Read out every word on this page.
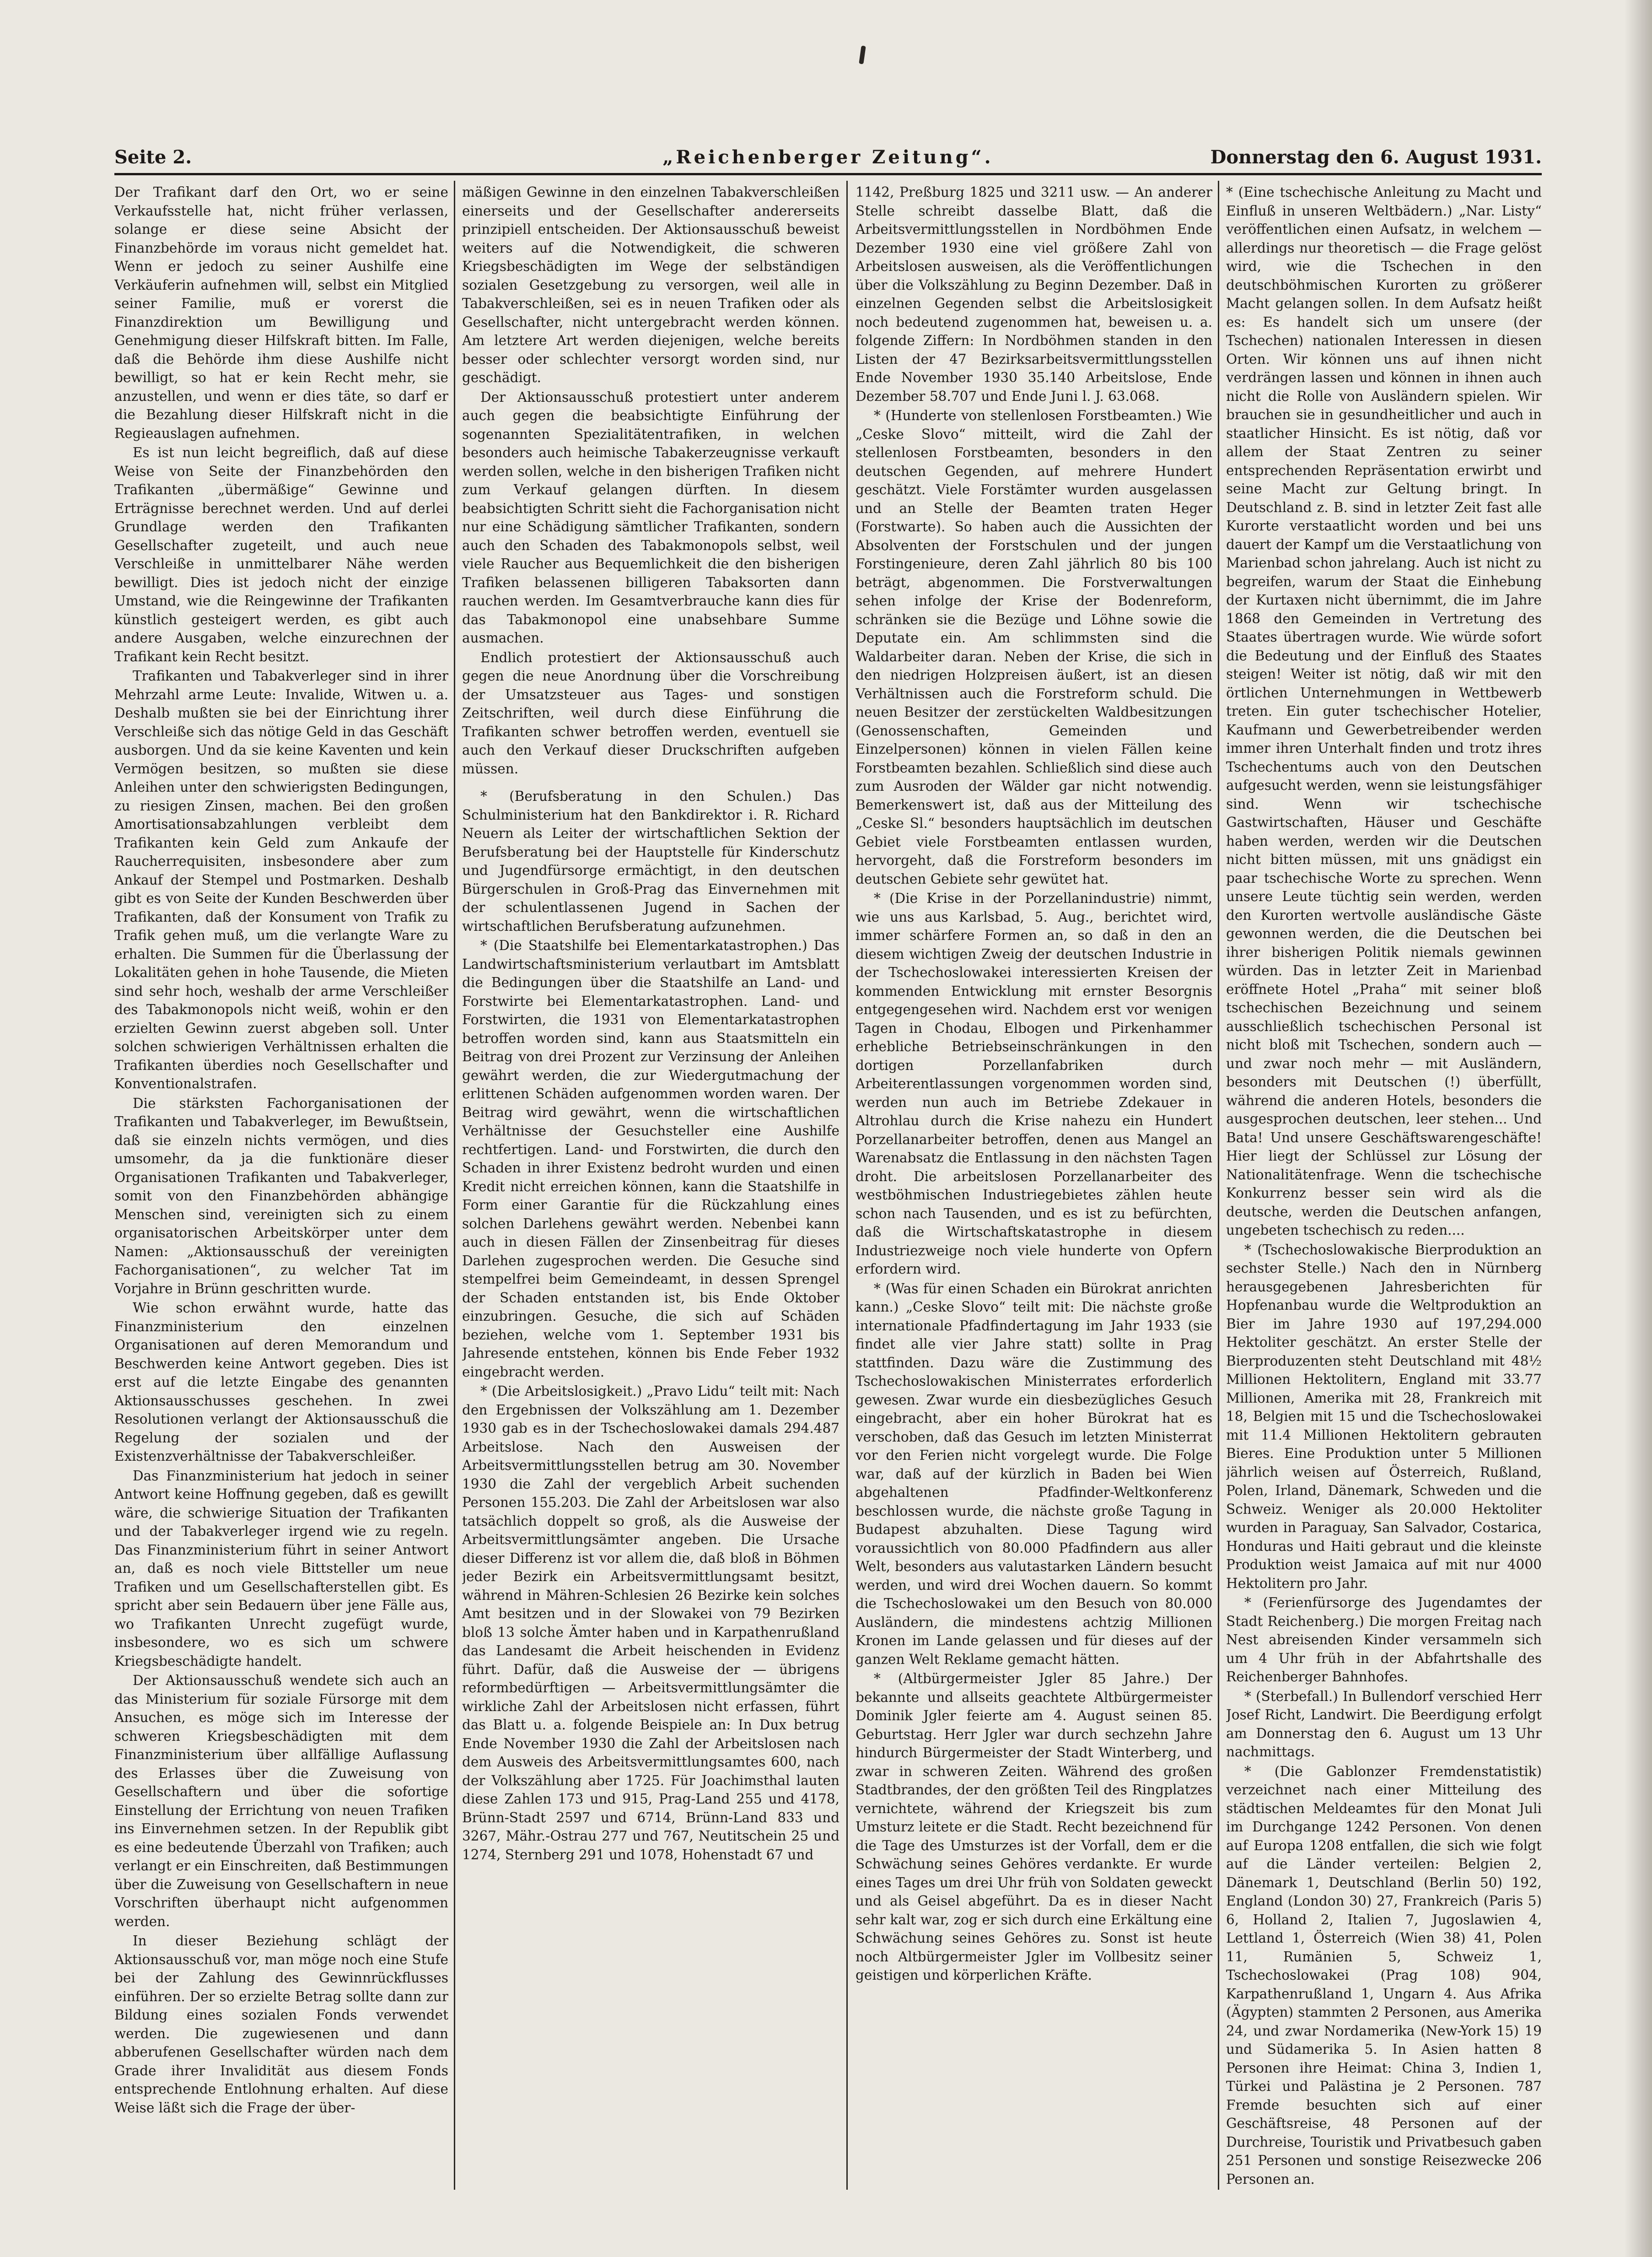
Seite 2.	„Reichenberger Zeitung“.	Donnerstag den 6. August 1931.

Der Trafikant darf den Ort, wo er seine Verkaufsstelle hat, nicht früher verlassen, solange er diese seine Absicht der Finanzbehörde im voraus nicht gemeldet hat. Wenn er jedoch zu seiner Aushilfe eine Verkäuferin aufnehmen will, selbst ein Mitglied seiner Familie, muß er vorerst die Finanzdirektion um Bewilligung und Genehmigung dieser Hilfskraft bitten. Im Falle, daß die Behörde ihm diese Aushilfe nicht bewilligt, so hat er kein Recht mehr, sie anzustellen, und wenn er dies täte, so darf er die Bezahlung dieser Hilfskraft nicht in die Regieauslagen aufnehmen.

Es ist nun leicht begreiflich, daß auf diese Weise von Seite der Finanzbehörden den Trafikanten „übermäßige“ Gewinne und Erträgnisse berechnet werden. Und auf derlei Grundlage werden den Trafikanten Gesellschafter zugeteilt, und auch neue Verschleiße in unmittelbarer Nähe werden bewilligt. Dies ist jedoch nicht der einzige Umstand, wie die Reingewinne der Trafikanten künstlich gesteigert werden, es gibt auch andere Ausgaben, welche einzurechnen der Trafikant kein Recht besitzt.

Trafikanten und Tabakverleger sind in ihrer Mehrzahl arme Leute: Invalide, Witwen u. a. Deshalb mußten sie bei der Einrichtung ihrer Verschleiße sich das nötige Geld in das Geschäft ausborgen. Und da sie keine Kaventen und kein Vermögen besitzen, so mußten sie diese Anleihen unter den schwierigsten Bedingungen, zu riesigen Zinsen, machen. Bei den großen Amortisationsabzahlungen verbleibt dem Trafikanten kein Geld zum Ankaufe der Raucherrequisiten, insbesondere aber zum Ankauf der Stempel und Postmarken. Deshalb gibt es von Seite der Kunden Beschwerden über Trafikanten, daß der Konsument von Trafik zu Trafik gehen muß, um die verlangte Ware zu erhalten. Die Summen für die Überlassung der Lokalitäten gehen in hohe Tausende, die Mieten sind sehr hoch, weshalb der arme Verschleißer des Tabakmonopols nicht weiß, wohin er den erzielten Gewinn zuerst abgeben soll. Unter solchen schwierigen Verhältnissen erhalten die Trafikanten überdies noch Gesellschafter und Konventionalstrafen.

Die stärksten Fachorganisationen der Trafikanten und Tabakverleger, im Bewußtsein, daß sie einzeln nichts vermögen, und dies umsomehr, da ja die funktionäre dieser Organisationen Trafikanten und Tabakverleger, somit von den Finanzbehörden abhängige Menschen sind, vereinigten sich zu einem organisatorischen Arbeitskörper unter dem Namen: „Aktionsausschuß der vereinigten Fachorganisationen“, zu welcher Tat im Vorjahre in Brünn geschritten wurde.

Wie schon erwähnt wurde, hatte das Finanzministerium den einzelnen Organisationen auf deren Memorandum und Beschwerden keine Antwort gegeben. Dies ist erst auf die letzte Eingabe des genannten Aktionsausschusses geschehen. In zwei Resolutionen verlangt der Aktionsausschuß die Regelung der sozialen und der Existenzverhältnisse der Tabakverschleißer.

Das Finanzministerium hat jedoch in seiner Antwort keine Hoffnung gegeben, daß es gewillt wäre, die schwierige Situation der Trafikanten und der Tabakverleger irgend wie zu regeln. Das Finanzministerium führt in seiner Antwort an, daß es noch viele Bittsteller um neue Trafiken und um Gesellschafterstellen gibt. Es spricht aber sein Bedauern über jene Fälle aus, wo Trafikanten Unrecht zugefügt wurde, insbesondere, wo es sich um schwere Kriegsbeschädigte handelt.

Der Aktionsausschuß wendete sich auch an das Ministerium für soziale Fürsorge mit dem Ansuchen, es möge sich im Interesse der schweren Kriegsbeschädigten mit dem Finanzministerium über allfällige Auflassung des Erlasses über die Zuweisung von Gesellschaftern und über die sofortige Einstellung der Errichtung von neuen Trafiken ins Einvernehmen setzen. In der Republik gibt es eine bedeutende Überzahl von Trafiken; auch verlangt er ein Einschreiten, daß Bestimmungen über die Zuweisung von Gesellschaftern in neue Vorschriften überhaupt nicht aufgenommen werden.

In dieser Beziehung schlägt der Aktionsausschuß vor, man möge noch eine Stufe bei der Zahlung des Gewinnrückflusses einführen. Der so erzielte Betrag sollte dann zur Bildung eines sozialen Fonds verwendet werden. Die zugewiesenen und dann abberufenen Gesellschafter würden nach dem Grade ihrer Invalidität aus diesem Fonds entsprechende Entlohnung erhalten. Auf diese Weise läßt sich die Frage der über-

mäßigen Gewinne in den einzelnen Tabakverschleißen einerseits und der Gesellschafter andererseits prinzipiell entscheiden. Der Aktionsausschuß beweist weiters auf die Notwendigkeit, die schweren Kriegsbeschädigten im Wege der selbständigen sozialen Gesetzgebung zu versorgen, weil alle in Tabakverschleißen, sei es in neuen Trafiken oder als Gesellschafter, nicht untergebracht werden können. Am letztere Art werden diejenigen, welche bereits besser oder schlechter versorgt worden sind, nur geschädigt.

Der Aktionsausschuß protestiert unter anderem auch gegen die beabsichtigte Einführung der sogenannten Spezialitätentrafiken, in welchen besonders auch heimische Tabakerzeugnisse verkauft werden sollen, welche in den bisherigen Trafiken nicht zum Verkauf gelangen dürften. In diesem beabsichtigten Schritt sieht die Fachorganisation nicht nur eine Schädigung sämtlicher Trafikanten, sondern auch den Schaden des Tabakmonopols selbst, weil viele Raucher aus Bequemlichkeit die den bisherigen Trafiken belassenen billigeren Tabaksorten dann rauchen werden. Im Gesamtverbrauche kann dies für das Tabakmonopol eine unabsehbare Summe ausmachen.

Endlich protestiert der Aktionsausschuß auch gegen die neue Anordnung über die Vorschreibung der Umsatzsteuer aus Tages- und sonstigen Zeitschriften, weil durch diese Einführung die Trafikanten schwer betroffen werden, eventuell sie auch den Verkauf dieser Druckschriften aufgeben müssen.

* (Berufsberatung in den Schulen.) Das Schulministerium hat den Bankdirektor i. R. Richard Neuern als Leiter der wirtschaftlichen Sektion der Berufsberatung bei der Hauptstelle für Kinderschutz und Jugendfürsorge ermächtigt, in den deutschen Bürgerschulen in Groß-Prag das Einvernehmen mit der schulentlassenen Jugend in Sachen der wirtschaftlichen Berufsberatung aufzunehmen.

* (Die Staatshilfe bei Elementarkatastrophen.) Das Landwirtschaftsministerium verlautbart im Amtsblatt die Bedingungen über die Staatshilfe an Land- und Forstwirte bei Elementarkatastrophen. Land- und Forstwirten, die 1931 von Elementarkatastrophen betroffen worden sind, kann aus Staatsmitteln ein Beitrag von drei Prozent zur Verzinsung der Anleihen gewährt werden, die zur Wiedergutmachung der erlittenen Schäden aufgenommen worden waren. Der Beitrag wird gewährt, wenn die wirtschaftlichen Verhältnisse der Gesuchsteller eine Aushilfe rechtfertigen. Land- und Forstwirten, die durch den Schaden in ihrer Existenz bedroht wurden und einen Kredit nicht erreichen können, kann die Staatshilfe in Form einer Garantie für die Rückzahlung eines solchen Darlehens gewährt werden. Nebenbei kann auch in diesen Fällen der Zinsenbeitrag für dieses Darlehen zugesprochen werden. Die Gesuche sind stempelfrei beim Gemeindeamt, in dessen Sprengel der Schaden entstanden ist, bis Ende Oktober einzubringen. Gesuche, die sich auf Schäden beziehen, welche vom 1. September 1931 bis Jahresende entstehen, können bis Ende Feber 1932 eingebracht werden.

* (Die Arbeitslosigkeit.) „Pravo Lidu“ teilt mit: Nach den Ergebnissen der Volkszählung am 1. Dezember 1930 gab es in der Tschechoslowakei damals 294.487 Arbeitslose. Nach den Ausweisen der Arbeitsvermittlungsstellen betrug am 30. November 1930 die Zahl der vergeblich Arbeit suchenden Personen 155.203. Die Zahl der Arbeitslosen war also tatsächlich doppelt so groß, als die Ausweise der Arbeitsvermittlungsämter angeben. Die Ursache dieser Differenz ist vor allem die, daß bloß in Böhmen jeder Bezirk ein Arbeitsvermittlungsamt besitzt, während in Mähren-Schlesien 26 Bezirke kein solches Amt besitzen und in der Slowakei von 79 Bezirken bloß 13 solche Ämter haben und in Karpathenrußland das Landesamt die Arbeit heischenden in Evidenz führt. Dafür, daß die Ausweise der — übrigens reformbedürftigen — Arbeitsvermittlungsämter die wirkliche Zahl der Arbeitslosen nicht erfassen, führt das Blatt u. a. folgende Beispiele an: In Dux betrug Ende November 1930 die Zahl der Arbeitslosen nach dem Ausweis des Arbeitsvermittlungsamtes 600, nach der Volkszählung aber 1725. Für Joachimsthal lauten diese Zahlen 173 und 915, Prag-Land 255 und 4178, Brünn-Stadt 2597 und 6714, Brünn-Land 833 und 3267, Mähr.-Ostrau 277 und 767, Neutitschein 25 und 1274, Sternberg 291 und 1078, Hohenstadt 67 und

1142, Preßburg 1825 und 3211 usw. — An anderer Stelle schreibt dasselbe Blatt, daß die Arbeitsvermittlungsstellen in Nordböhmen Ende Dezember 1930 eine viel größere Zahl von Arbeitslosen ausweisen, als die Veröffentlichungen über die Volkszählung zu Beginn Dezember. Daß in einzelnen Gegenden selbst die Arbeitslosigkeit noch bedeutend zugenommen hat, beweisen u. a. folgende Ziffern: In Nordböhmen standen in den Listen der 47 Bezirksarbeitsvermittlungsstellen Ende November 1930 35.140 Arbeitslose, Ende Dezember 58.707 und Ende Juni l. J. 63.068.

* (Hunderte von stellenlosen Forstbeamten.) Wie „Ceske Slovo“ mitteilt, wird die Zahl der stellenlosen Forstbeamten, besonders in den deutschen Gegenden, auf mehrere Hundert geschätzt. Viele Forstämter wurden ausgelassen und an Stelle der Beamten traten Heger (Forstwarte). So haben auch die Aussichten der Absolventen der Forstschulen und der jungen Forstingenieure, deren Zahl jährlich 80 bis 100 beträgt, abgenommen. Die Forstverwaltungen sehen infolge der Krise der Bodenreform, schränken sie die Bezüge und Löhne sowie die Deputate ein. Am schlimmsten sind die Waldarbeiter daran. Neben der Krise, die sich in den niedrigen Holzpreisen äußert, ist an diesen Verhältnissen auch die Forstreform schuld. Die neuen Besitzer der zerstückelten Waldbesitzungen (Genossenschaften, Gemeinden und Einzelpersonen) können in vielen Fällen keine Forstbeamten bezahlen. Schließlich sind diese auch zum Ausroden der Wälder gar nicht notwendig. Bemerkenswert ist, daß aus der Mitteilung des „Ceske Sl.“ besonders hauptsächlich im deutschen Gebiet viele Forstbeamten entlassen wurden, hervorgeht, daß die Forstreform besonders im deutschen Gebiete sehr gewütet hat.

* (Die Krise in der Porzellanindustrie) nimmt, wie uns aus Karlsbad, 5. Aug., berichtet wird, immer schärfere Formen an, so daß in den an diesem wichtigen Zweig der deutschen Industrie in der Tschechoslowakei interessierten Kreisen der kommenden Entwicklung mit ernster Besorgnis entgegengesehen wird. Nachdem erst vor wenigen Tagen in Chodau, Elbogen und Pirkenhammer erhebliche Betriebseinschränkungen in den dortigen Porzellanfabriken durch Arbeiterentlassungen vorgenommen worden sind, werden nun auch im Betriebe Zdekauer in Altrohlau durch die Krise nahezu ein Hundert Porzellanarbeiter betroffen, denen aus Mangel an Warenabsatz die Entlassung in den nächsten Tagen droht. Die arbeitslosen Porzellanarbeiter des westböhmischen Industriegebietes zählen heute schon nach Tausenden, und es ist zu befürchten, daß die Wirtschaftskatastrophe in diesem Industriezweige noch viele hunderte von Opfern erfordern wird.

* (Was für einen Schaden ein Bürokrat anrichten kann.) „Ceske Slovo“ teilt mit: Die nächste große internationale Pfadfindertagung im Jahr 1933 (sie findet alle vier Jahre statt) sollte in Prag stattfinden. Dazu wäre die Zustimmung des Tschechoslowakischen Ministerrates erforderlich gewesen. Zwar wurde ein diesbezügliches Gesuch eingebracht, aber ein hoher Bürokrat hat es verschoben, daß das Gesuch im letzten Ministerrat vor den Ferien nicht vorgelegt wurde. Die Folge war, daß auf der kürzlich in Baden bei Wien abgehaltenen Pfadfinder-Weltkonferenz beschlossen wurde, die nächste große Tagung in Budapest abzuhalten. Diese Tagung wird voraussichtlich von 80.000 Pfadfindern aus aller Welt, besonders aus valutastarken Ländern besucht werden, und wird drei Wochen dauern. So kommt die Tschechoslowakei um den Besuch von 80.000 Ausländern, die mindestens achtzig Millionen Kronen im Lande gelassen und für dieses auf der ganzen Welt Reklame gemacht hätten.

* (Altbürgermeister Jgler 85 Jahre.) Der bekannte und allseits geachtete Altbürgermeister Dominik Jgler feierte am 4. August seinen 85. Geburtstag. Herr Jgler war durch sechzehn Jahre hindurch Bürgermeister der Stadt Winterberg, und zwar in schweren Zeiten. Während des großen Stadtbrandes, der den größten Teil des Ringplatzes vernichtete, während der Kriegszeit bis zum Umsturz leitete er die Stadt. Recht bezeichnend für die Tage des Umsturzes ist der Vorfall, dem er die Schwächung seines Gehöres verdankte. Er wurde eines Tages um drei Uhr früh von Soldaten geweckt und als Geisel abgeführt. Da es in dieser Nacht sehr kalt war, zog er sich durch eine Erkältung eine Schwächung seines Gehöres zu. Sonst ist heute noch Altbürgermeister Jgler im Vollbesitz seiner geistigen und körperlichen Kräfte.

* (Eine tschechische Anleitung zu Macht und Einfluß in unseren Weltbädern.) „Nar. Listy“ veröffentlichen einen Aufsatz, in welchem — allerdings nur theoretisch — die Frage gelöst wird, wie die Tschechen in den deutschböhmischen Kurorten zu größerer Macht gelangen sollen. In dem Aufsatz heißt es: Es handelt sich um unsere (der Tschechen) nationalen Interessen in diesen Orten. Wir können uns auf ihnen nicht verdrängen lassen und können in ihnen auch nicht die Rolle von Ausländern spielen. Wir brauchen sie in gesundheitlicher und auch in staatlicher Hinsicht. Es ist nötig, daß vor allem der Staat Zentren zu seiner entsprechenden Repräsentation erwirbt und seine Macht zur Geltung bringt. In Deutschland z. B. sind in letzter Zeit fast alle Kurorte verstaatlicht worden und bei uns dauert der Kampf um die Verstaatlichung von Marienbad schon jahrelang. Auch ist nicht zu begreifen, warum der Staat die Einhebung der Kurtaxen nicht übernimmt, die im Jahre 1868 den Gemeinden in Vertretung des Staates übertragen wurde. Wie würde sofort die Bedeutung und der Einfluß des Staates steigen! Weiter ist nötig, daß wir mit den örtlichen Unternehmungen in Wettbewerb treten. Ein guter tschechischer Hotelier, Kaufmann und Gewerbetreibender werden immer ihren Unterhalt finden und trotz ihres Tschechentums auch von den Deutschen aufgesucht werden, wenn sie leistungsfähiger sind. Wenn wir tschechische Gastwirtschaften, Häuser und Geschäfte haben werden, werden wir die Deutschen nicht bitten müssen, mit uns gnädigst ein paar tschechische Worte zu sprechen. Wenn unsere Leute tüchtig sein werden, werden den Kurorten wertvolle ausländische Gäste gewonnen werden, die die Deutschen bei ihrer bisherigen Politik niemals gewinnen würden. Das in letzter Zeit in Marienbad eröffnete Hotel „Praha“ mit seiner bloß tschechischen Bezeichnung und seinem ausschließlich tschechischen Personal ist nicht bloß mit Tschechen, sondern auch — und zwar noch mehr — mit Ausländern, besonders mit Deutschen (!) überfüllt, während die anderen Hotels, besonders die ausgesprochen deutschen, leer stehen... Und Bata! Und unsere Geschäftswarengeschäfte! Hier liegt der Schlüssel zur Lösung der Nationalitätenfrage. Wenn die tschechische Konkurrenz besser sein wird als die deutsche, werden die Deutschen anfangen, ungebeten tschechisch zu reden....

* (Tschechoslowakische Bierproduktion an sechster Stelle.) Nach den in Nürnberg herausgegebenen Jahresberichten für Hopfenanbau wurde die Weltproduktion an Bier im Jahre 1930 auf 197,294.000 Hektoliter geschätzt. An erster Stelle der Bierproduzenten steht Deutschland mit 48½ Millionen Hektolitern, England mit 33.77 Millionen, Amerika mit 28, Frankreich mit 18, Belgien mit 15 und die Tschechoslowakei mit 11.4 Millionen Hektolitern gebrauten Bieres. Eine Produktion unter 5 Millionen jährlich weisen auf Österreich, Rußland, Polen, Irland, Dänemark, Schweden und die Schweiz. Weniger als 20.000 Hektoliter wurden in Paraguay, San Salvador, Costarica, Honduras und Haiti gebraut und die kleinste Produktion weist Jamaica auf mit nur 4000 Hektolitern pro Jahr.

* (Ferienfürsorge des Jugendamtes der Stadt Reichenberg.) Die morgen Freitag nach Nest abreisenden Kinder versammeln sich um 4 Uhr früh in der Abfahrtshalle des Reichenberger Bahnhofes.

* (Sterbefall.) In Bullendorf verschied Herr Josef Richt, Landwirt. Die Beerdigung erfolgt am Donnerstag den 6. August um 13 Uhr nachmittags.

* (Die Gablonzer Fremdenstatistik) verzeichnet nach einer Mitteilung des städtischen Meldeamtes für den Monat Juli im Durchgange 1242 Personen. Von denen auf Europa 1208 entfallen, die sich wie folgt auf die Länder verteilen: Belgien 2, Dänemark 1, Deutschland (Berlin 50) 192, England (London 30) 27, Frankreich (Paris 5) 6, Holland 2, Italien 7, Jugoslawien 4, Lettland 1, Österreich (Wien 38) 41, Polen 11, Rumänien 5, Schweiz 1, Tschechoslowakei (Prag 108) 904, Karpathenrußland 1, Ungarn 4. Aus Afrika (Ägypten) stammten 2 Personen, aus Amerika 24, und zwar Nordamerika (New-York 15) 19 und Südamerika 5. In Asien hatten 8 Personen ihre Heimat: China 3, Indien 1, Türkei und Palästina je 2 Personen. 787 Fremde besuchten sich auf einer Geschäftsreise, 48 Personen auf der Durchreise, Touristik und Privatbesuch gaben 251 Personen und sonstige Reisezwecke 206 Personen an.
